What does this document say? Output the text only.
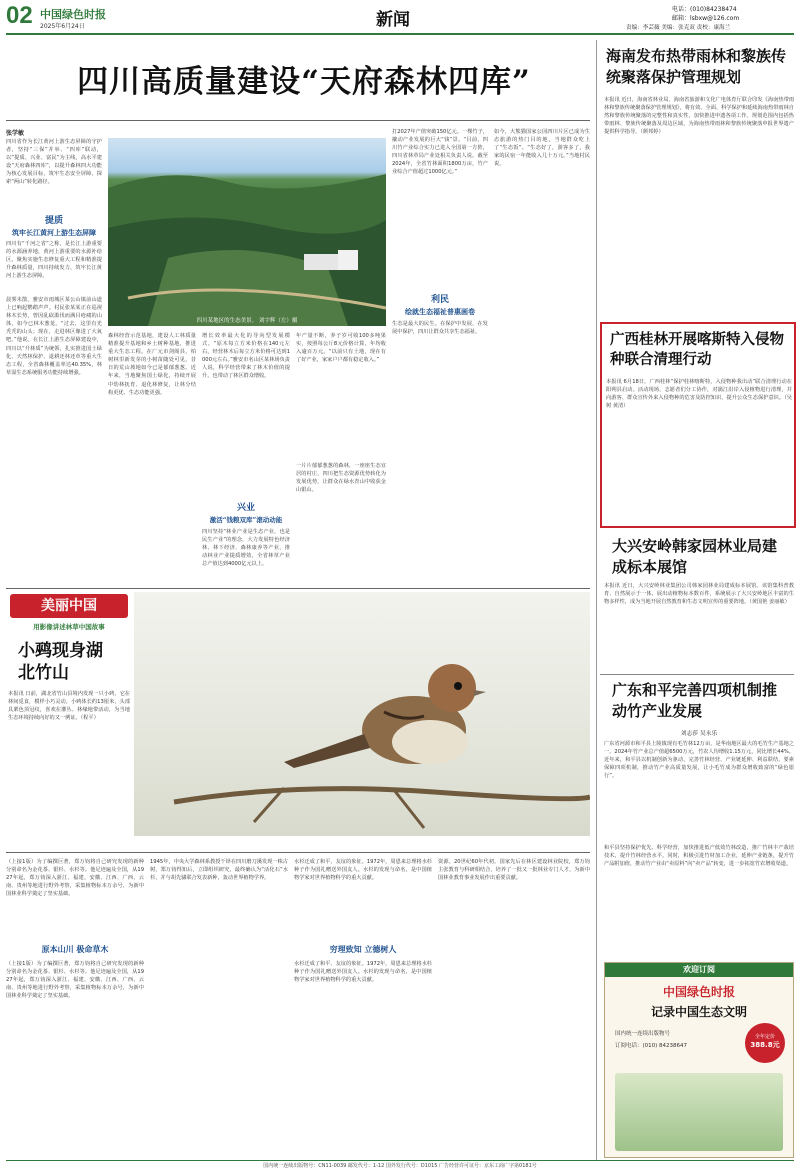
02 中国绿色时报
2025年6月24日	新闻
电话：(010)84238474
邮箱：lsbxw@126.com
责编：李芸薇 美编：张克双 责校：康海兰
四川高质量建设“天府森林四库”
张学敏
四川省作为长江黄河上游生态屏障的守护者，坚持“三保”并举、“四库”联动，以“提质、兴业、富民”为主线，高水平建设“天府森林四库”，以提升森林四大功能为核心发展目标，筑牢生态安全屏障，探索“两山”转化路径。
提质
筑牢长江黄河上游生态屏障
四川有“千河之省”之称，是长江上游重要的水源涵养地，黄河上游重要的水源补给区。聚焦实施生态修复重大工程和精准提升森林质量，四川持续发力，筑牢长江黄河上游生态屏障。
晨雾未散，雅安市雨城区某公山镇前山道上已响起鹦鹉声声。村民张某某正在巡视林木长势，曾因乱砍滥伐而满目疮痍的山体，如今已林木葱茏。“过去，这里有光秃秃的山头；现在，走进林区像进了大氧吧。”他说。在长江上游生态屏障建设中，四川以“升林质”为统领，扎实推进国土绿化、天然林保护、退耕还林还草等重大生态工程，全省森林覆盖率达40.35%，林草湿生态系统服务功能持续增强。
四川某地区的生态美景。 刘宇辉（左）摄
森林经营示范基地，建设人工林质量精准提升基地和乡土树种基地，推进重大生态工程。在广元市剑阁县，柏树林里新发芽的小树苗随处可见，昔日的荒山坡地如今已是郁郁葱葱。近年来，当地聚焦国土绿化，持续开展中幼林抚育、退化林修复，让林分结构更优、生态功能更强。
增长效率最大化的导向型发展模式。“原木每立方米价格在140元左右，经营林木后每立方米价格可达到1000元左右。”雅安市名山区某林场负责人说，科学经营带来了林木价值的提升，也带动了林区群众增收。
兴业
激活“钱粮双库”滚动动能
四川坚持“林业产业是生态产业，也是民生产业”的理念，大力发展特色经济林、林下经济、森林康养等产业，推动林业产业提质增效，全省林草产业总产值达到4000亿元以上。
年产量不断，养子岁可收100多吨果实，按照每公斤8元价格计算，年均收入逾百万元。“以前只有土地，现在有了好产业，家家户户都有稳定收入。”
一片片郁郁葱葱的森林，一座座生态宜居的村庄，四川把生态资源优势转化为发展优势，让群众在绿水青山中收获金山银山。
打2027年产值突破150亿元。一棵竹子，撬动产业发展的巨大“钱”景。“目前，四川竹产业综合实力已进入全国第一方阵，四川省林草局产业处相关负责人说。截至2024年，全省竹林面积1800万亩，竹产业综合产值超过1000亿元。”
利民
绘就生态福祉普惠画卷
生态是最大的民生。在保护中发展，在发展中保护，四川让群众共享生态福祉。
如今，大熊猫国家公园四川片区已成为生态旅游的热门目的地，当地群众吃上了“生态饭”。“生态好了，游客多了，我家的民宿一年能收入几十万元。”当地村民说。
海南发布热带雨林和黎族传统聚落保护管理规划
本报讯 近日，海南省林业局、海南省旅游和文化广电体育厅联合印发《海南热带雨林和黎族传统聚落保护管理规划》，将有效、全面、科学保护和延续海南热带雨林自然和黎族传统聚落的完整性和真实性，加快推进申遗各项工作。规划范围内包括热带雨林、黎族传统聚落及周边区域，为海南热带雨林和黎族传统聚落申报世界遗产提供科学指导。（颜邦婷）
广西桂林开展喀斯特入侵物种联合清理行动
本报讯 6月18日，广西桂林“保护桂林喀斯特，入侵物种我出动”联合清理行动在阳朔县启动。活动现场，志愿者们分工协作，对漓江沿岸入侵植物进行清理，并向游客、群众宣传外来入侵物种的危害及防控知识，提升公众生态保护意识。（吴树 黄清）
大兴安岭韩家园林业局建成标本展馆
本报讯 近日，大兴安岭林业集团公司韩家园林业局建成标本展馆。该馆集科普教育、自然展示于一体，展出动植物标本数百件，系统展示了大兴安岭地区丰富的生物多样性，成为当地开展自然教育和生态文明宣传的重要阵地。（黄国艳 姜丽敏）
广东和平完善四项机制推动竹产业发展
刘志莎 吴永乐
广东省河源市和平县上陵镇现有毛竹林12万亩，是华南地区最大的毛竹生产基地之一。2024年竹产业总产值超6500万元，竹农人均增收1.15万元，同比增长44%。近年来，和平县以机制创新为驱动，完善竹林经营、产业链延伸、利益联结、要素保障四项机制，推动竹产业高质量发展，让小毛竹成为群众增收致富的“绿色银行”。
和平县坚持保护优先、科学经营，加快推进低产低效竹林改造，推广竹林丰产栽培技术，提升竹林经营水平。同时，积极引进竹材加工企业，延伸产业链条，提升竹产品附加值，推动竹产业由“卖原料”向“卖产品”转变，进一步拓宽竹农增收渠道。
欢迎订阅
中国绿色时报
记录中国生态文明
国内统一连续出版物号
订阅电话：(010) 84238647
全年定价
388.8元
美丽中国
用影像讲述林草中国故事
小鹀现身湖北竹山
本报讯 日前，湖北省竹山县境内发现一只小鹀，它在林间觅食，模样小巧灵动。小鹀体长约13厘米，头部具栗色顶冠纹，喜欢在灌丛、林缘地带活动，为当地生态环境持续向好的又一例证。（程平）
（上接1版）为了编撰巨著，郑万钧将自己研究发现的新种分别命名为金花茶、银杉、水杉等。他足迹遍及全国，从1927年起，郑万钧深入浙江、福建、安徽、江西、广西、云南、贵州等地进行野外考察，采集植物标本万余号，为新中国林业科学奠定了坚实基础。
原本山川 极命草木
（上接1版）为了编撰巨著，郑万钧将自己研究发现的新种分别命名为金花茶、银杉、水杉等。他足迹遍及全国，从1927年起，郑万钧深入浙江、福建、安徽、江西、广西、云南、贵州等地进行野外考察，采集植物标本万余号，为新中国林业科学奠定了坚实基础。
1945年，中央大学森林系教授干铎在四川磨刀溪发现一株古树，郑万钧得知后，立即组织研究，最终确认为“活化石”水杉，并与胡先骕联合发表新种，轰动世界植物学界。
水杉迁成了和平、友谊的象征。1972年，周恩来总理将水杉种子作为国礼赠送外国友人。水杉的发现与命名，是中国植物学家对世界植物科学的重大贡献。
穷理致知 立德树人
水杉迁成了和平、友谊的象征。1972年，周恩来总理将水杉种子作为国礼赠送外国友人。水杉的发现与命名，是中国植物学家对世界植物科学的重大贡献。
资源。20世纪60年代初，国家先后在林区建设林业院校，郑万钧主张教育与科研相结合，培养了一批又一批林业专门人才，为新中国林业教育事业发展作出重要贡献。
国内统一连续出版物号：CN11-0039 邮发代号：1-12 国外发行代号：D1015 广告经营许可证号：京东工商广字第0181号
